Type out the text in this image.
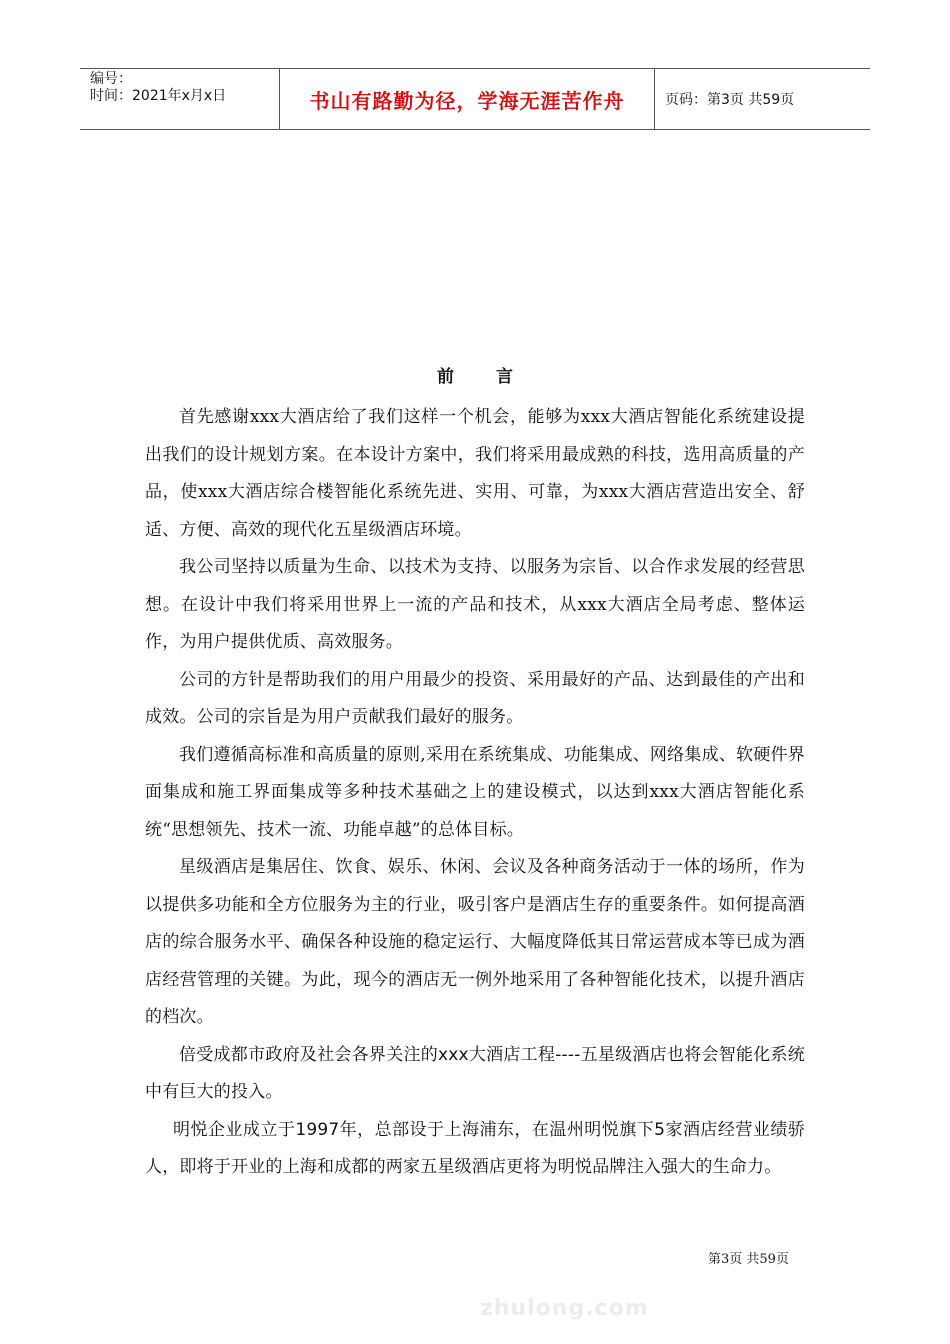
编号：
时间：2021年x月x日	书山有路勤为径，学海无涯苦作舟	页码：第3页 共59页
前 言

首先感谢xxx大酒店给了我们这样一个机会，能够为xxx大酒店智能化系统建设提出我们的设计规划方案。在本设计方案中，我们将采用最成熟的科技，选用高质量的产品，使xxx大酒店综合楼智能化系统先进、实用、可靠，为xxx大酒店营造出安全、舒适、方便、高效的现代化五星级酒店环境。

我公司坚持以质量为生命、以技术为支持、以服务为宗旨、以合作求发展的经营思想。在设计中我们将采用世界上一流的产品和技术，从xxx大酒店全局考虑、整体运作，为用户提供优质、高效服务。

公司的方针是帮助我们的用户用最少的投资、采用最好的产品、达到最佳的产出和成效。公司的宗旨是为用户贡献我们最好的服务。

我们遵循高标准和高质量的原则,采用在系统集成、功能集成、网络集成、软硬件界面集成和施工界面集成等多种技术基础之上的建设模式，以达到xxx大酒店智能化系统“思想领先、技术一流、功能卓越”的总体目标。

星级酒店是集居住、饮食、娱乐、休闲、会议及各种商务活动于一体的场所，作为以提供多功能和全方位服务为主的行业，吸引客户是酒店生存的重要条件。如何提高酒店的综合服务水平、确保各种设施的稳定运行、大幅度降低其日常运营成本等已成为酒店经营管理的关键。为此，现今的酒店无一例外地采用了各种智能化技术，以提升酒店的档次。

倍受成都市政府及社会各界关注的xxx大酒店工程----五星级酒店也将会智能化系统中有巨大的投入。

明悦企业成立于1997年，总部设于上海浦东，在温州明悦旗下5家酒店经营业绩骄人，即将于开业的上海和成都的两家五星级酒店更将为明悦品牌注入强大的生命力。

第3页 共59页
zhulong.com
